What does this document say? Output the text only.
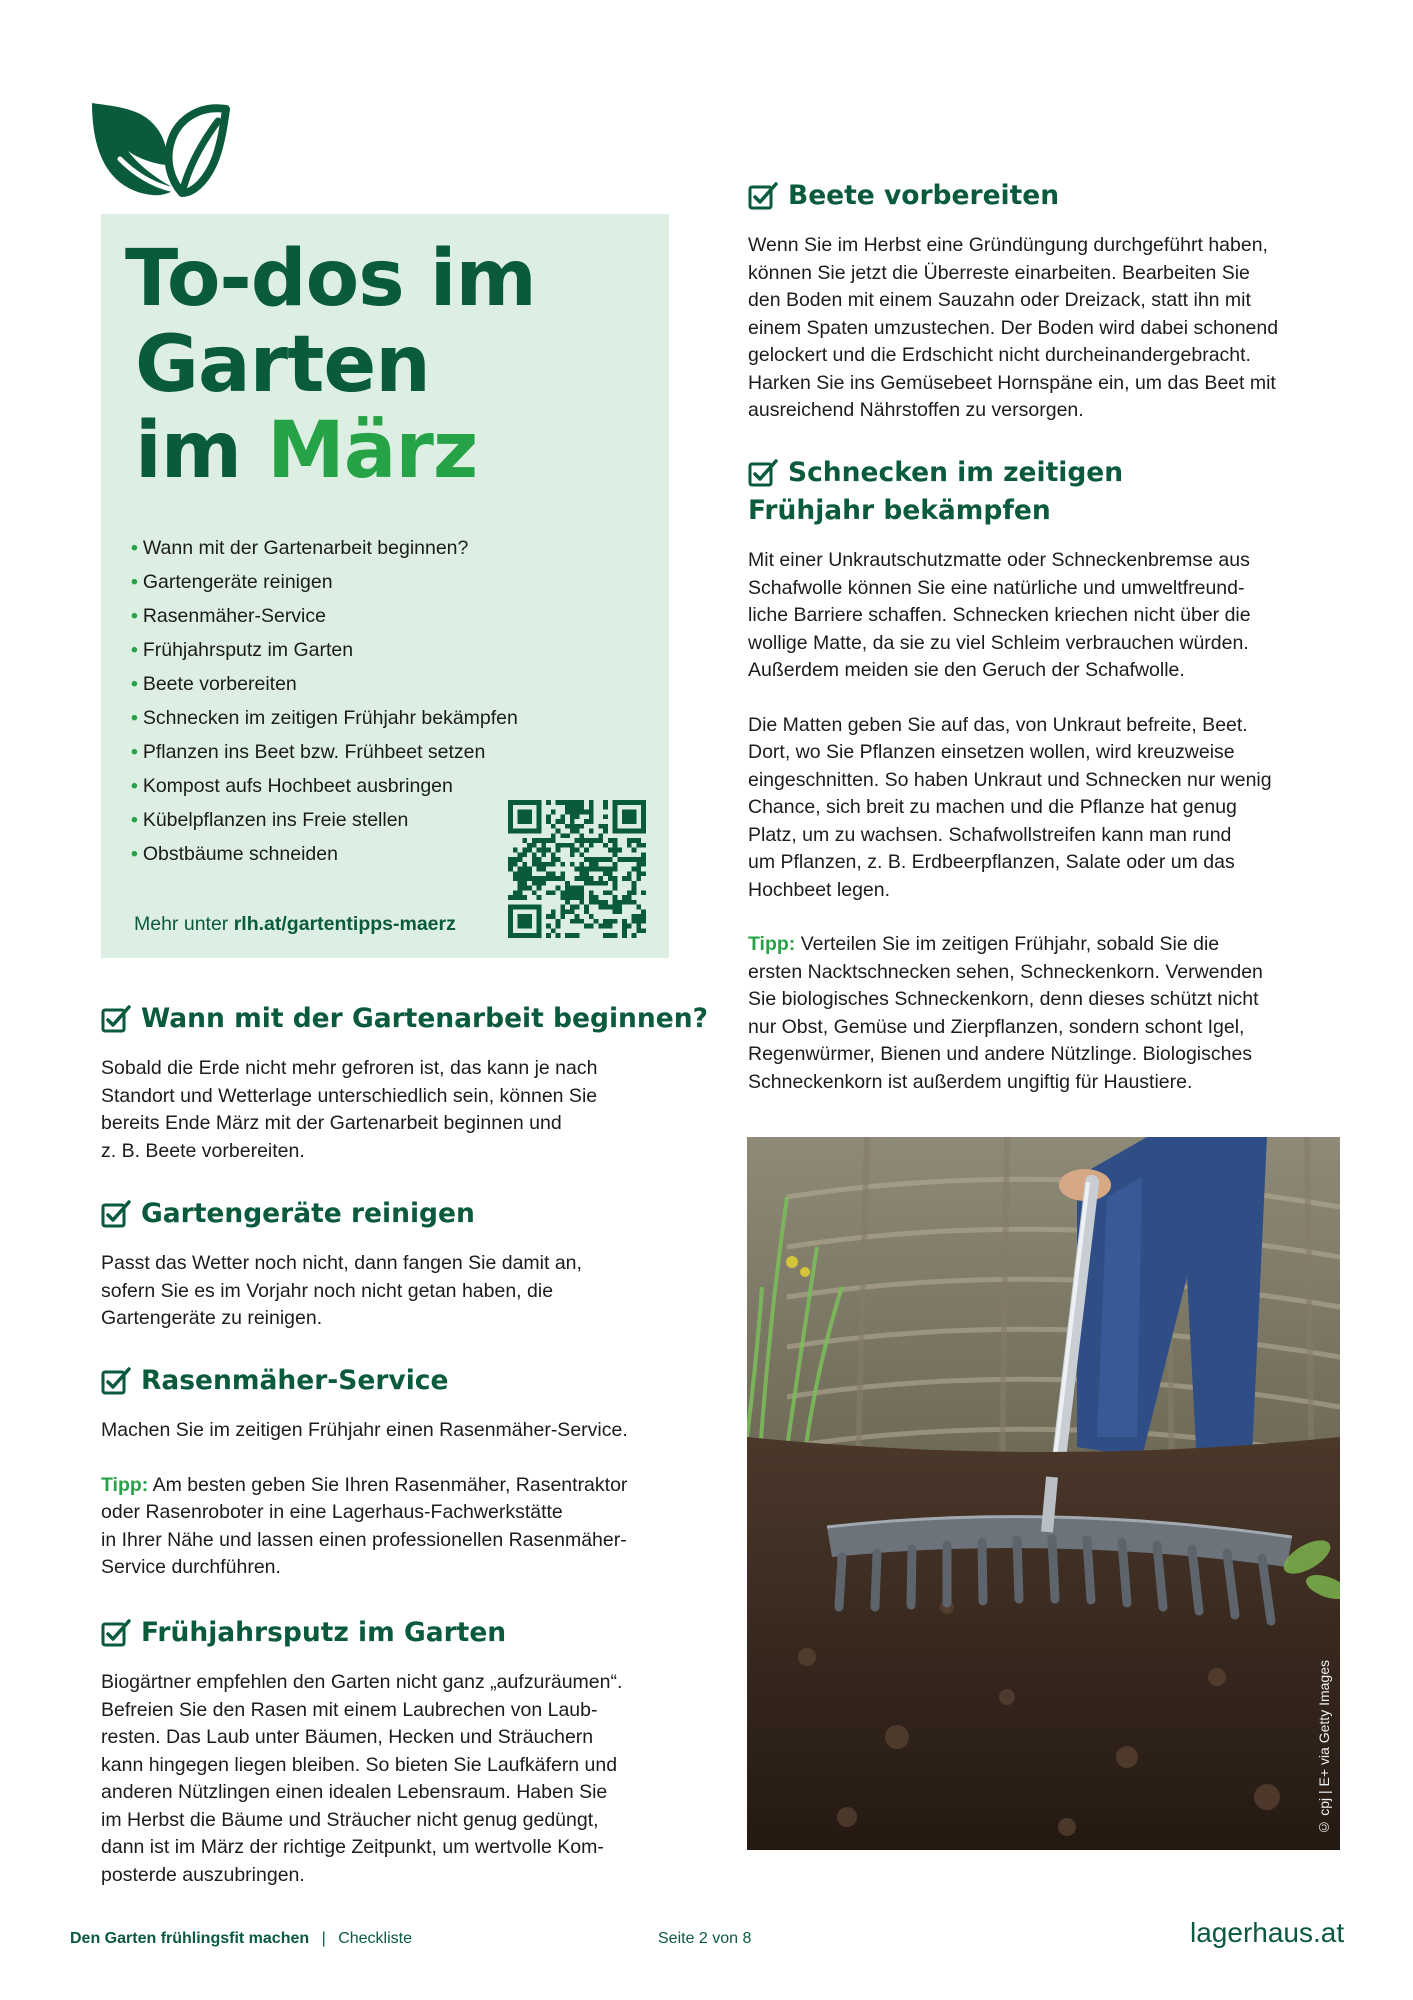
To-dos im
Garten
im März
• Wann mit der Gartenarbeit beginnen?
• Gartengeräte reinigen
• Rasenmäher-Service
• Frühjahrsputz im Garten
• Beete vorbereiten
• Schnecken im zeitigen Frühjahr bekämpfen
• Pflanzen ins Beet bzw. Frühbeet setzen
• Kompost aufs Hochbeet ausbringen
• Kübelpflanzen ins Freie stellen
• Obstbäume schneiden
Mehr unter rlh.at/gartentipps-maerz
Wann mit der Gartenarbeit beginnen?
Sobald die Erde nicht mehr gefroren ist, das kann je nach
Standort und Wetterlage unterschiedlich sein, können Sie
bereits Ende März mit der Gartenarbeit beginnen und
z. B. Beete vorbereiten.
Gartengeräte reinigen
Passt das Wetter noch nicht, dann fangen Sie damit an,
sofern Sie es im Vorjahr noch nicht getan haben, die
Gartengeräte zu reinigen.
Rasenmäher-Service
Machen Sie im zeitigen Frühjahr einen Rasenmäher-Service.
Tipp: Am besten geben Sie Ihren Rasenmäher, Rasentraktor
oder Rasenroboter in eine Lagerhaus-Fachwerkstätte
in Ihrer Nähe und lassen einen professionellen Rasenmäher-
Service durchführen.
Frühjahrsputz im Garten
Biogärtner empfehlen den Garten nicht ganz „aufzuräumen“.
Befreien Sie den Rasen mit einem Laubrechen von Laub-
resten. Das Laub unter Bäumen, Hecken und Sträuchern
kann hingegen liegen bleiben. So bieten Sie Laufkäfern und
anderen Nützlingen einen idealen Lebensraum. Haben Sie
im Herbst die Bäume und Sträucher nicht genug gedüngt,
dann ist im März der richtige Zeitpunkt, um wertvolle Kom-
posterde auszubringen.
Beete vorbereiten
Wenn Sie im Herbst eine Gründüngung durchgeführt haben,
können Sie jetzt die Überreste einarbeiten. Bearbeiten Sie
den Boden mit einem Sauzahn oder Dreizack, statt ihn mit
einem Spaten umzustechen. Der Boden wird dabei schonend
gelockert und die Erdschicht nicht durcheinandergebracht.
Harken Sie ins Gemüsebeet Hornspäne ein, um das Beet mit
ausreichend Nährstoffen zu versorgen.
Schnecken im zeitigen
Frühjahr bekämpfen
Mit einer Unkrautschutzmatte oder Schneckenbremse aus
Schafwolle können Sie eine natürliche und umweltfreund-
liche Barriere schaffen. Schnecken kriechen nicht über die
wollige Matte, da sie zu viel Schleim verbrauchen würden.
Außerdem meiden sie den Geruch der Schafwolle.
Die Matten geben Sie auf das, von Unkraut befreite, Beet.
Dort, wo Sie Pflanzen einsetzen wollen, wird kreuzweise
eingeschnitten. So haben Unkraut und Schnecken nur wenig
Chance, sich breit zu machen und die Pflanze hat genug
Platz, um zu wachsen. Schafwollstreifen kann man rund
um Pflanzen, z. B. Erdbeerpflanzen, Salate oder um das
Hochbeet legen.
Tipp: Verteilen Sie im zeitigen Frühjahr, sobald Sie die
ersten Nacktschnecken sehen, Schneckenkorn. Verwenden
Sie biologisches Schneckenkorn, denn dieses schützt nicht
nur Obst, Gemüse und Zierpflanzen, sondern schont Igel,
Regenwürmer, Bienen und andere Nützlinge. Biologisches
Schneckenkorn ist außerdem ungiftig für Haustiere.
© cpj | E+ via Getty Images
Den Garten frühlingsfit machen | Checkliste	Seite 2 von 8	lagerhaus.at
